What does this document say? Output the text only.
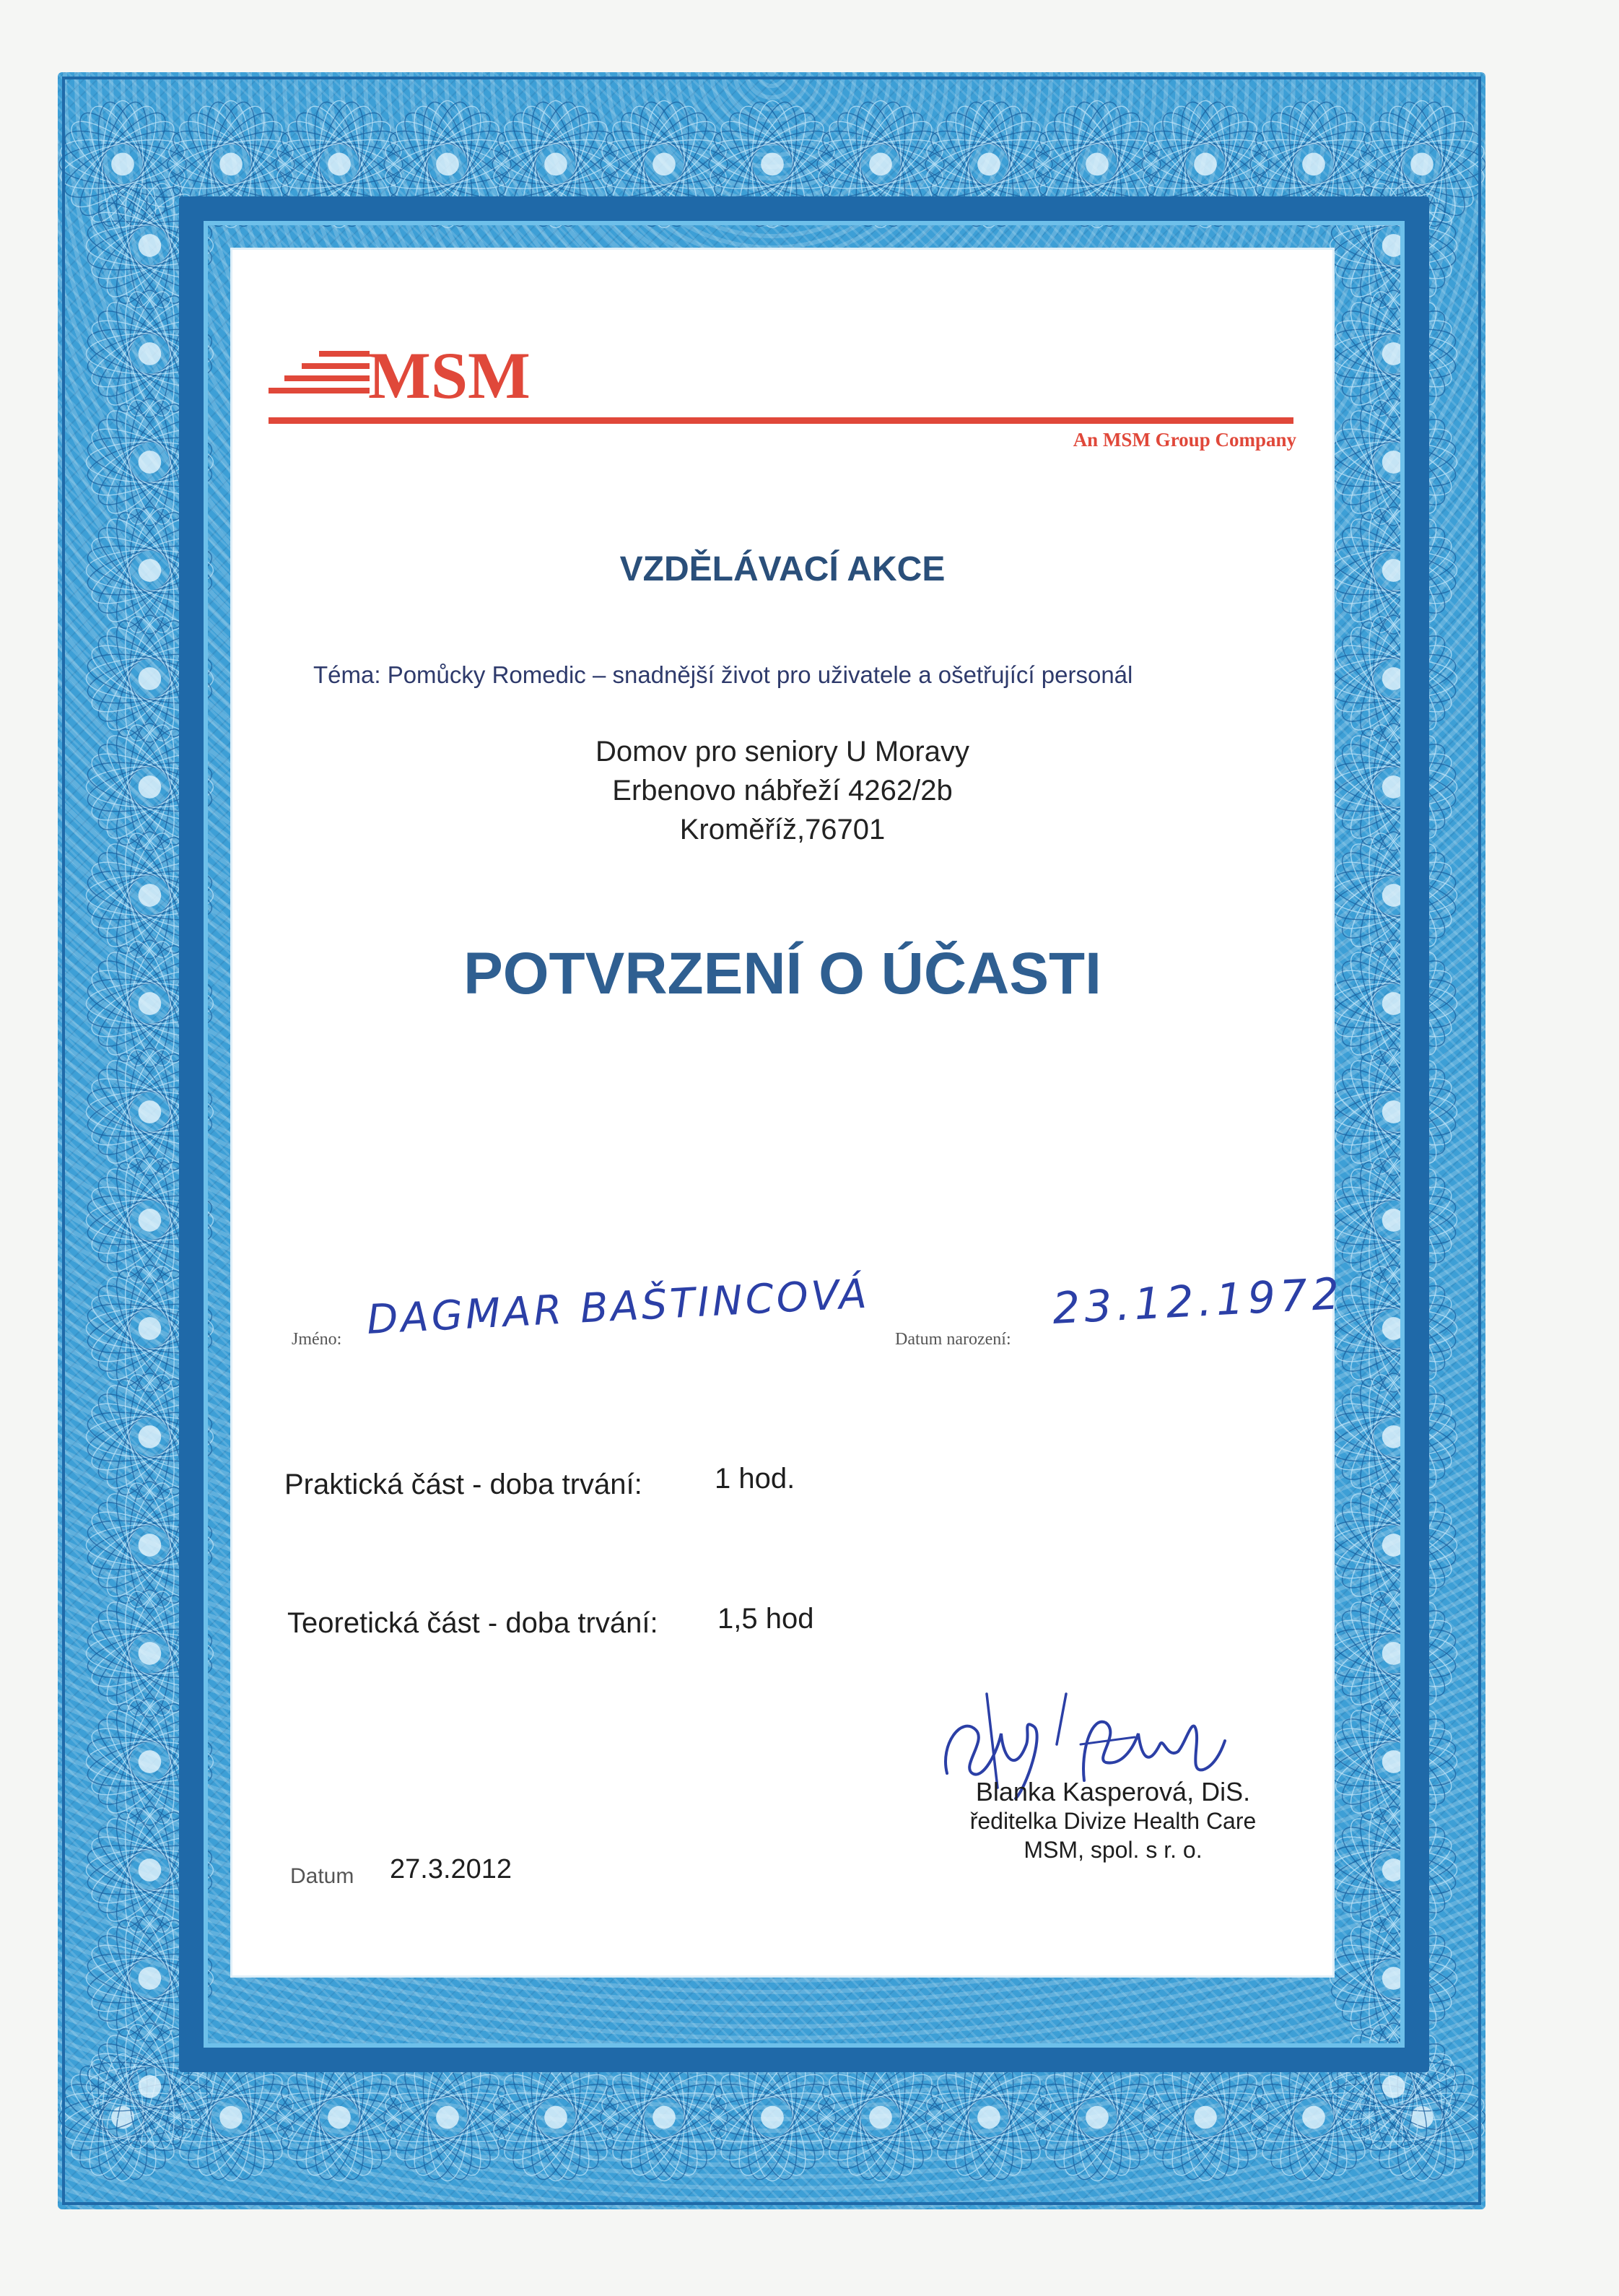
MSM
An MSM Group Company
VZDĚLÁVACÍ AKCE
Téma: Pomůcky Romedic – snadnější život pro uživatele a ošetřující personál
Domov pro seniory U Moravy
Erbenovo nábřeží 4262/2b
Kroměříž,76701
POTVRZENÍ O ÚČASTI
Jméno: DAGMAR BAŠTINCOVÁ Datum narození:
23.12.1972
Praktická část - doba trvání:	1 hod.
Teoretická část - doba trvání: 1,5 hod
Blanka Kasperová, DiS.
ředitelka Divize Health Care
MSM, spol. s r. o.
Datum 27.3.2012
